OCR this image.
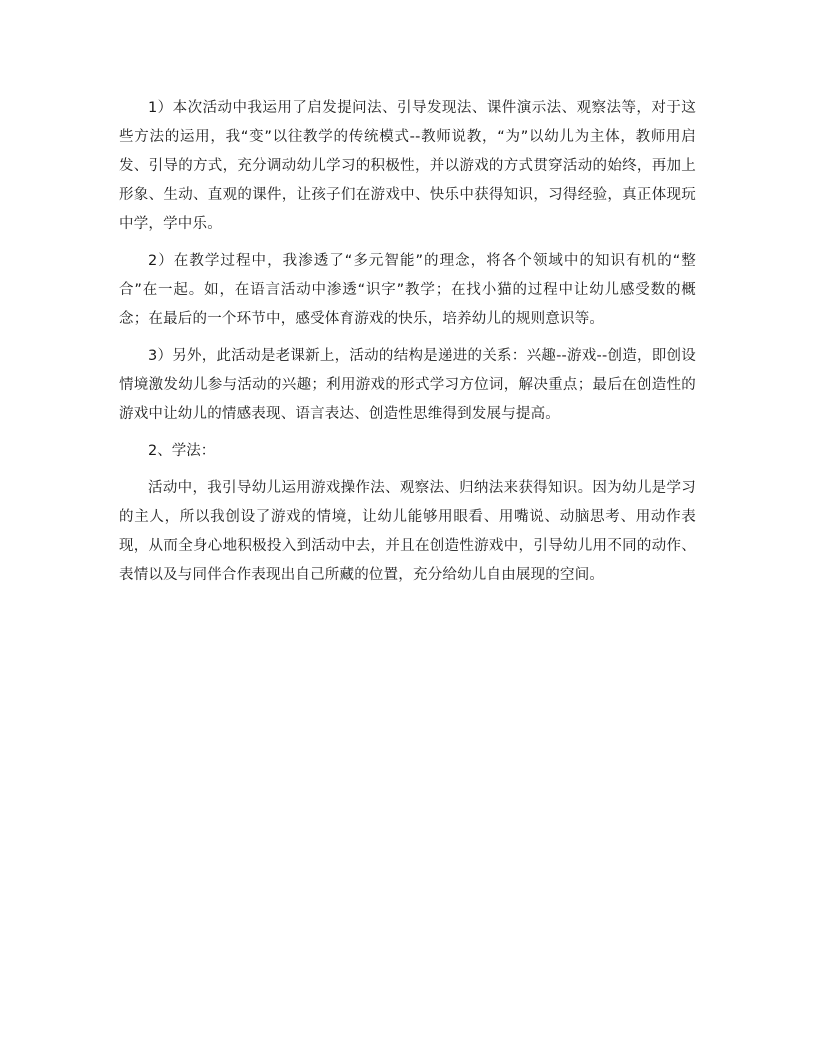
1）本次活动中我运用了启发提问法、引导发现法、课件演示法、观察法等，对于这些方法的运用，我“变”以往教学的传统模式--教师说教，“为”以幼儿为主体，教师用启发、引导的方式，充分调动幼儿学习的积极性，并以游戏的方式贯穿活动的始终，再加上形象、生动、直观的课件，让孩子们在游戏中、快乐中获得知识，习得经验，真正体现玩中学，学中乐。

2）在教学过程中，我渗透了“多元智能”的理念，将各个领域中的知识有机的“整合”在一起。如，在语言活动中渗透“识字”教学；在找小猫的过程中让幼儿感受数的概念；在最后的一个环节中，感受体育游戏的快乐，培养幼儿的规则意识等。

3）另外，此活动是老课新上，活动的结构是递进的关系：兴趣--游戏--创造，即创设情境激发幼儿参与活动的兴趣；利用游戏的形式学习方位词，解决重点；最后在创造性的游戏中让幼儿的情感表现、语言表达、创造性思维得到发展与提高。

2、学法：

活动中，我引导幼儿运用游戏操作法、观察法、归纳法来获得知识。因为幼儿是学习的主人，所以我创设了游戏的情境，让幼儿能够用眼看、用嘴说、动脑思考、用动作表现，从而全身心地积极投入到活动中去，并且在创造性游戏中，引导幼儿用不同的动作、表情以及与同伴合作表现出自己所藏的位置，充分给幼儿自由展现的空间。
